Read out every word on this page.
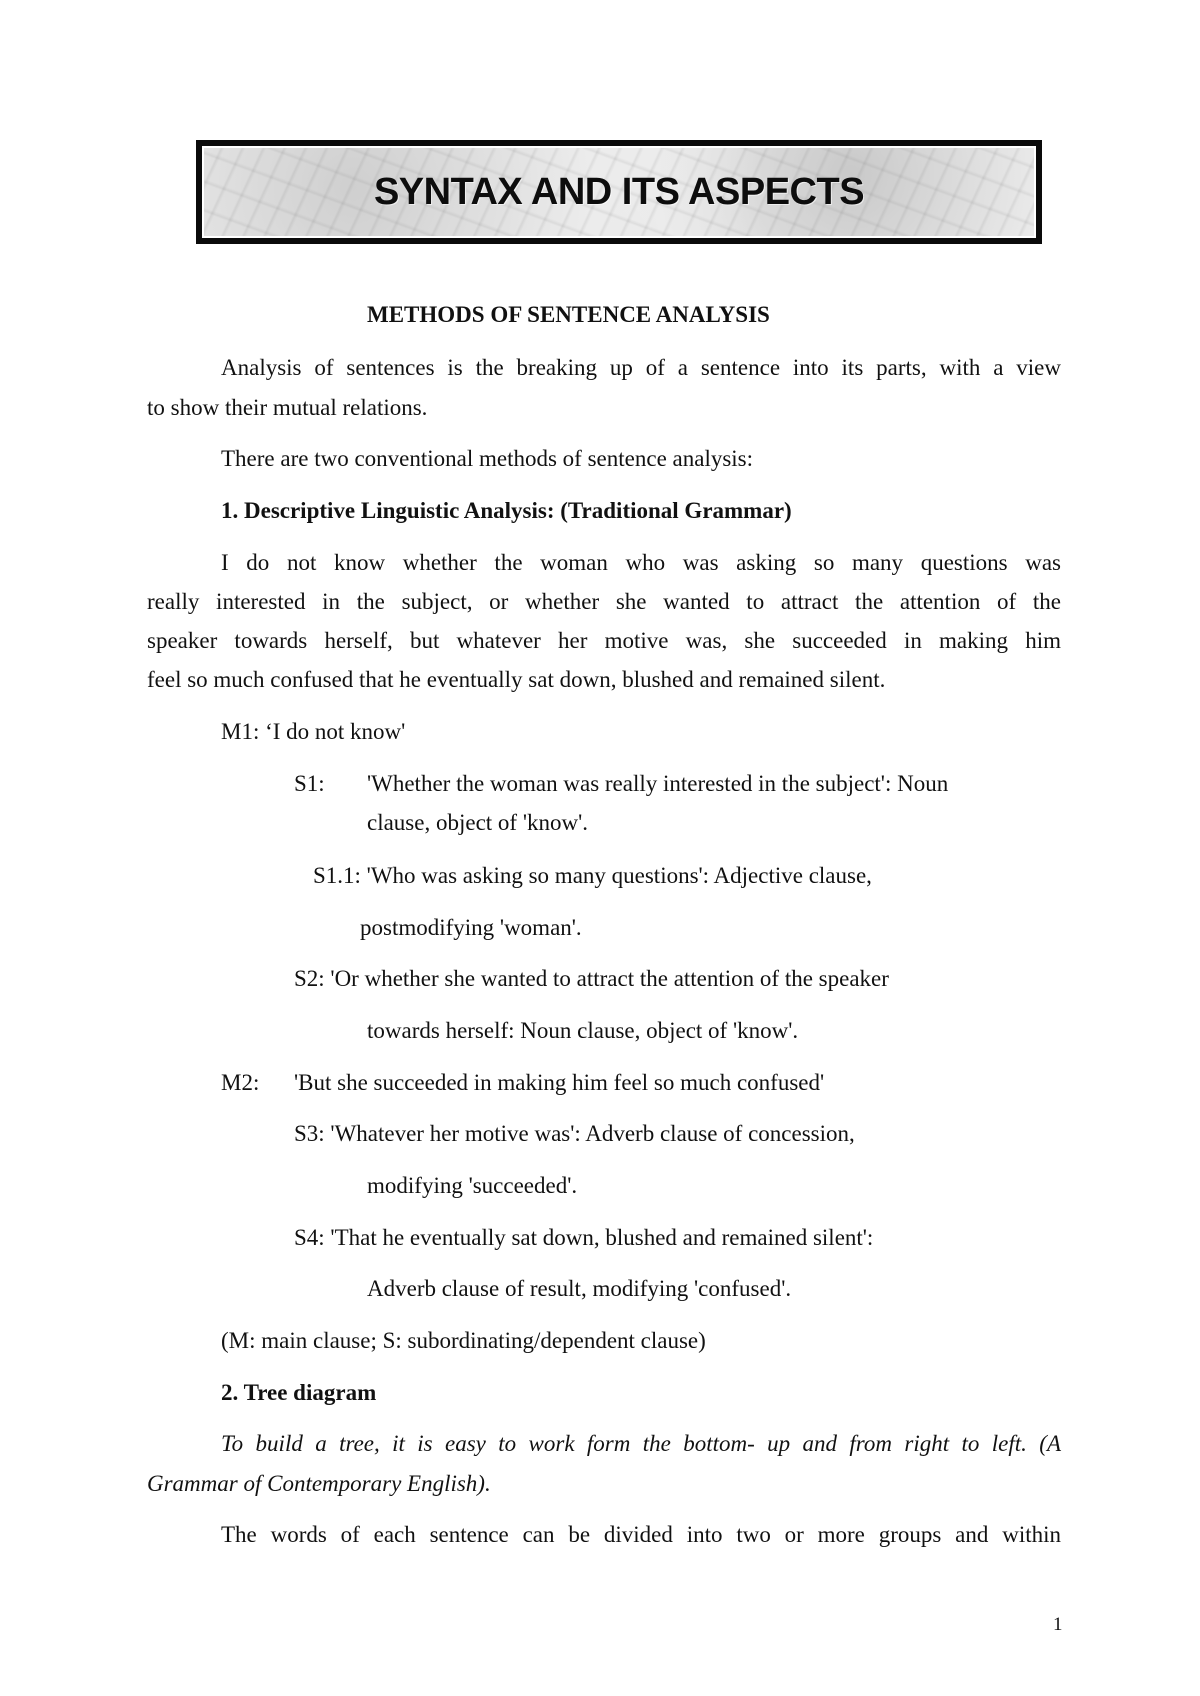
SYNTAX AND ITS ASPECTS

METHODS OF SENTENCE ANALYSIS

Analysis of sentences is the breaking up of a sentence into its parts, with a view

to show their mutual relations.

There are two conventional methods of sentence analysis:

1. Descriptive Linguistic Analysis: (Traditional Grammar)

I do not know whether the woman who was asking so many questions was

really interested in the subject, or whether she wanted to attract the attention of the

speaker towards herself, but whatever her motive was, she succeeded in making him

feel so much confused that he eventually sat down, blushed and remained silent.

M1: ‘I do not know'

S1: 'Whether the woman was really interested in the subject': Noun

clause, object of 'know'.

S1.1: 'Who was asking so many questions': Adjective clause,

postmodifying 'woman'.

S2: 'Or whether she wanted to attract the attention of the speaker

towards herself: Noun clause, object of 'know'.

M2: 'But she succeeded in making him feel so much confused'

S3: 'Whatever her motive was': Adverb clause of concession,

modifying 'succeeded'.

S4: 'That he eventually sat down, blushed and remained silent':

Adverb clause of result, modifying 'confused'.

(M: main clause; S: subordinating/dependent clause)

2. Tree diagram

To build a tree, it is easy to work form the bottom- up and from right to left. (A

Grammar of Contemporary English).

The words of each sentence can be divided into two or more groups and within

1
